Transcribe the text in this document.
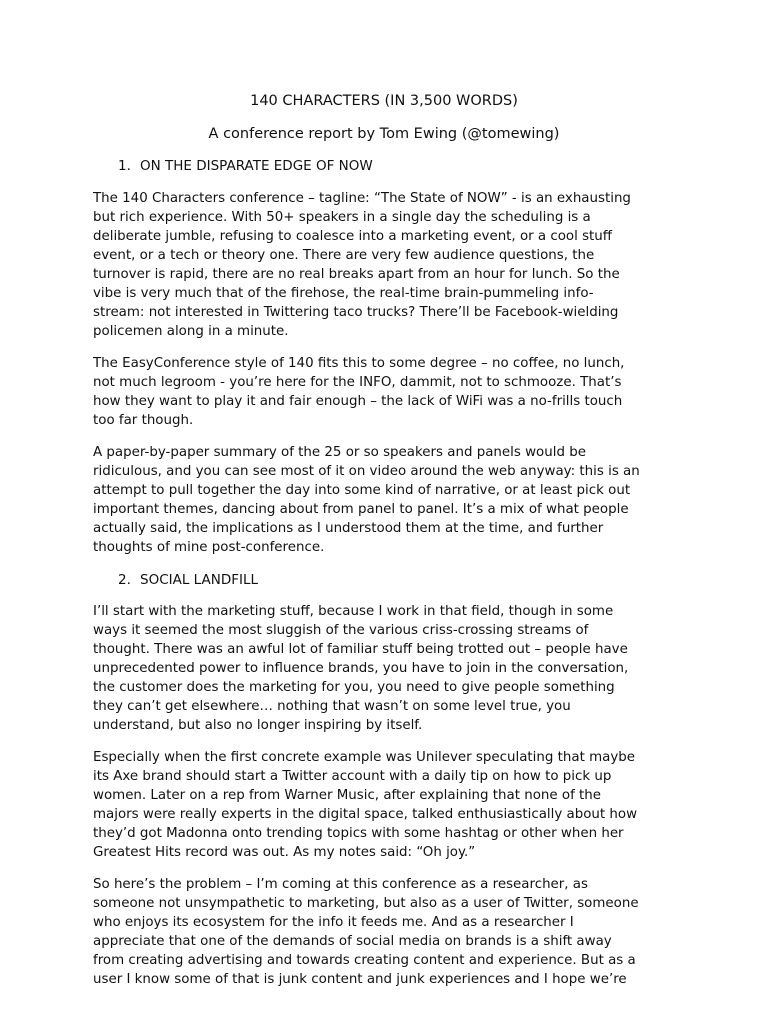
140 CHARACTERS (IN 3,500 WORDS)
A conference report by Tom Ewing (@tomewing)
1. ON THE DISPARATE EDGE OF NOW

The 140 Characters conference – tagline: “The State of NOW” - is an exhausting
but rich experience. With 50+ speakers in a single day the scheduling is a
deliberate jumble, refusing to coalesce into a marketing event, or a cool stuff
event, or a tech or theory one. There are very few audience questions, the
turnover is rapid, there are no real breaks apart from an hour for lunch. So the
vibe is very much that of the firehose, the real-time brain-pummeling info-
stream: not interested in Twittering taco trucks? There’ll be Facebook-wielding
policemen along in a minute.

The EasyConference style of 140 fits this to some degree – no coffee, no lunch,
not much legroom - you’re here for the INFO, dammit, not to schmooze. That’s
how they want to play it and fair enough – the lack of WiFi was a no-frills touch
too far though.

A paper-by-paper summary of the 25 or so speakers and panels would be
ridiculous, and you can see most of it on video around the web anyway: this is an
attempt to pull together the day into some kind of narrative, or at least pick out
important themes, dancing about from panel to panel. It’s a mix of what people
actually said, the implications as I understood them at the time, and further
thoughts of mine post-conference.

2. SOCIAL LANDFILL

I’ll start with the marketing stuff, because I work in that field, though in some
ways it seemed the most sluggish of the various criss-crossing streams of
thought. There was an awful lot of familiar stuff being trotted out – people have
unprecedented power to influence brands, you have to join in the conversation,
the customer does the marketing for you, you need to give people something
they can’t get elsewhere… nothing that wasn’t on some level true, you
understand, but also no longer inspiring by itself.

Especially when the first concrete example was Unilever speculating that maybe
its Axe brand should start a Twitter account with a daily tip on how to pick up
women. Later on a rep from Warner Music, after explaining that none of the
majors were really experts in the digital space, talked enthusiastically about how
they’d got Madonna onto trending topics with some hashtag or other when her
Greatest Hits record was out. As my notes said: “Oh joy.”

So here’s the problem – I’m coming at this conference as a researcher, as
someone not unsympathetic to marketing, but also as a user of Twitter, someone
who enjoys its ecosystem for the info it feeds me. And as a researcher I
appreciate that one of the demands of social media on brands is a shift away
from creating advertising and towards creating content and experience. But as a
user I know some of that is junk content and junk experiences and I hope we’re
